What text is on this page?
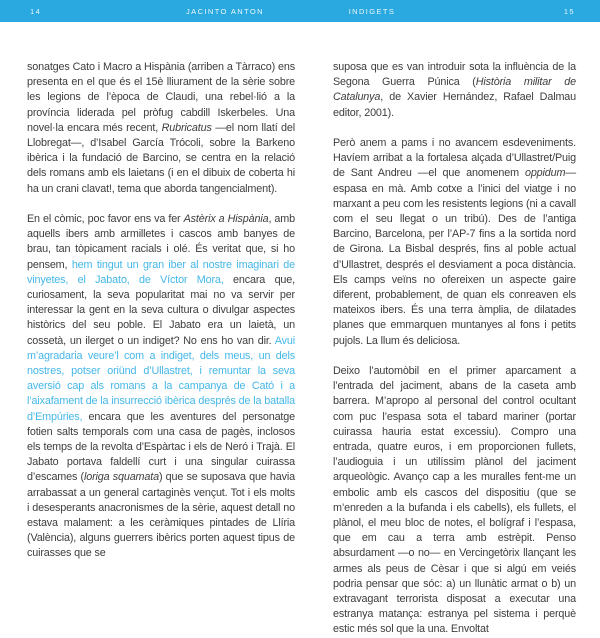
14	JACINTO ANTON	INDIGETS	15

sonatges Cato i Macro a Hispània (arriben a Tàrraco) ens presenta en el que és el 15è lliurament de la sèrie sobre les legions de l’època de Claudi, una rebel·lió a la província liderada pel pròfug cabdill Iskerbeles. Una novel·la encara més recent, Rubricatus —el nom llatí del Llobregat—, d’Isabel García Trócoli, sobre la Barkeno ibèrica i la fundació de Barcino, se centra en la relació dels romans amb els laietans (i en el dibuix de coberta hi ha un crani clavat!, tema que aborda tangencialment).

En el còmic, poc favor ens va fer Astèrix a Hispània, amb aquells ibers amb armilletes i cascos amb banyes de brau, tan tòpicament racials i olé. És veritat que, si ho pensem, hem tingut un gran iber al nostre imaginari de vinyetes, el Jabato, de Víctor Mora, encara que, curiosament, la seva popularitat mai no va servir per interessar la gent en la seva cultura o divulgar aspectes històrics del seu poble. El Jabato era un laietà, un cossetà, un ilerget o un indiget? No ens ho van dir. Avui m’agradaria veure’l com a indiget, dels meus, un dels nostres, potser oriünd d’Ullastret, i remuntar la seva aversió cap als romans a la campanya de Cató i a l’aixafament de la insurrecció ibèrica després de la batalla d’Empúries, encara que les aventures del personatge fotien salts temporals com una casa de pagès, inclosos els temps de la revolta d’Espàrtac i els de Neró i Trajà. El Jabato portava faldellí curt i una singular cuirassa d’escames (loriga squamata) que se suposava que havia arrabassat a un general cartaginès vençut. Tot i els molts i desesperants anacronismes de la sèrie, aquest detall no estava malament: a les ceràmiques pintades de Llíria (València), alguns guerrers ibèrics porten aquest tipus de cuirasses que se

suposa que es van introduir sota la influència de la Segona Guerra Púnica (Història militar de Catalunya, de Xavier Hernández, Rafael Dalmau editor, 2001).

Però anem a pams i no avancem esdeveniments. Havíem arribat a la fortalesa alçada d’Ullastret/Puig de Sant Andreu —el que anomenem oppidum— espasa en mà. Amb cotxe a l’inici del viatge i no marxant a peu com les resistents legions (ni a cavall com el seu llegat o un tribú). Des de l’antiga Barcino, Barcelona, per l’AP-7 fins a la sortida nord de Girona. La Bisbal després, fins al poble actual d’Ullastret, després el desviament a poca distància. Els camps veïns no ofereixen un aspecte gaire diferent, probablement, de quan els conreaven els mateixos ibers. És una terra àmplia, de dilatades planes que emmarquen muntanyes al fons i petits pujols. La llum és deliciosa.

Deixo l’automòbil en el primer aparcament a l’entrada del jaciment, abans de la caseta amb barrera. M’apropo al personal del control ocultant com puc l’espasa sota el tabard mariner (portar cuirassa hauria estat excessiu). Compro una entrada, quatre euros, i em proporcionen fullets, l’audioguia i un utilíssim plànol del jaciment arqueològic. Avanço cap a les muralles fent-me un embolic amb els cascos del dispositiu (que se m’enreden a la bufanda i els cabells), els fullets, el plànol, el meu bloc de notes, el bolígraf i l’espasa, que em cau a terra amb estrèpit. Penso absurdament —o no— en Vercingetòrix llançant les armes als peus de Cèsar i que si algú em veiés podria pensar que sóc: a) un llunàtic armat o b) un extravagant terrorista disposat a executar una estranya matança: estranya pel sistema i perquè estic més sol que la una. Envoltat
